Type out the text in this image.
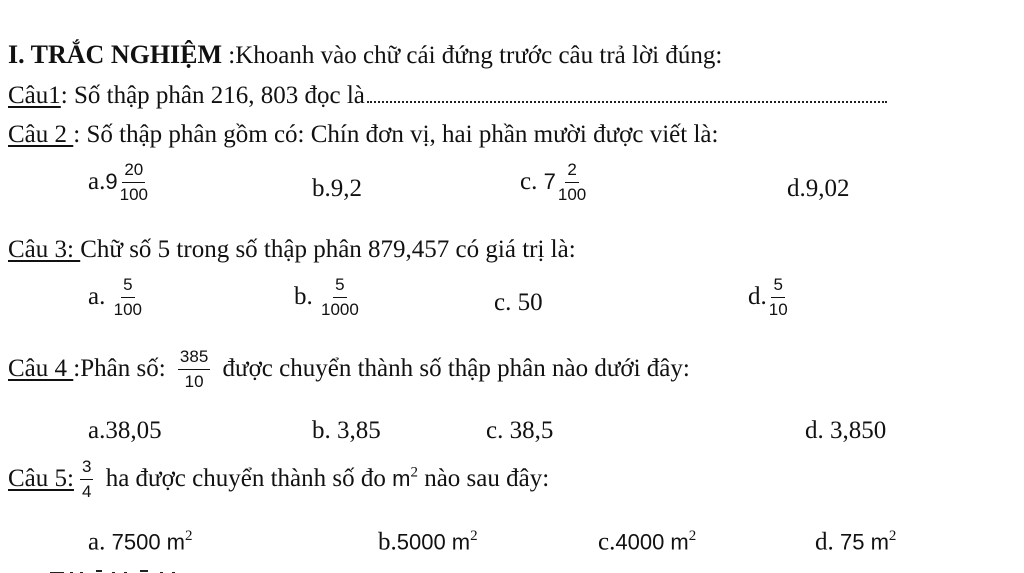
I. TRẮC NGHIỆM :Khoanh vào chữ cái đứng trước câu trả lời đúng:
Câu1: Số thập phân 216, 803 đọc là
Câu 2 : Số thập phân gồm có: Chín đơn vị, hai phần mười được viết là:
$a.9 \frac{20}{100}$	b.9,2	c. $7 \frac{2}{100}$	d.9,02
Câu 3: Chữ số 5 trong số thập phân 879,457 có giá trị là:
a. $\frac{5}{100}$	b. $\frac{5}{1000}$	c. 50	d. $\frac{5}{10}$
Câu 4 :Phân số: $\frac{385}{10}$ được chuyển thành số thập phân nào dưới đây:
a.38,05	b. 3,85	c. 38,5	d. 3,850
Câu 5: $\frac{3}{4}$ ha được chuyển thành số đo $m^2$ nào sau đây:
a. 7500 $m^2$	b.5000 $m^2$	c.4000 $m^2$	d. 75 $m^2$
